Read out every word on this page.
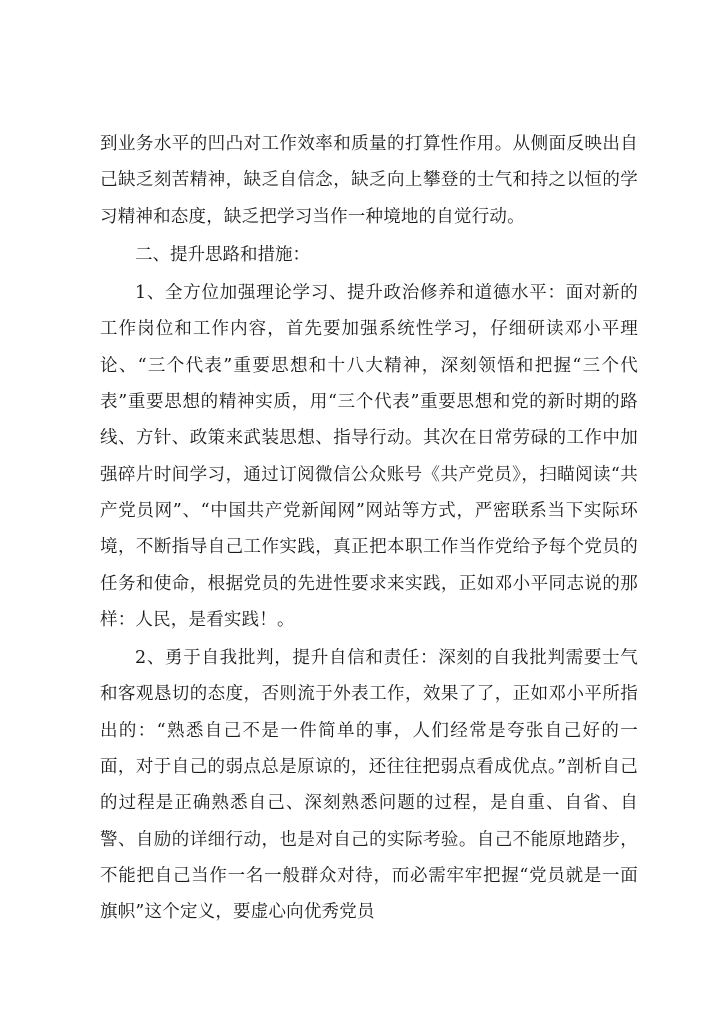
到业务水平的凹凸对工作效率和质量的打算性作用。从侧面反映出自己缺乏刻苦精神，缺乏自信念，缺乏向上攀登的士气和持之以恒的学习精神和态度，缺乏把学习当作一种境地的自觉行动。

二、提升思路和措施：

1、全方位加强理论学习、提升政治修养和道德水平：面对新的工作岗位和工作内容，首先要加强系统性学习，仔细研读邓小平理论、“三个代表”重要思想和十八大精神，深刻领悟和把握“三个代表”重要思想的精神实质，用“三个代表”重要思想和党的新时期的路线、方针、政策来武装思想、指导行动。其次在日常劳碌的工作中加强碎片时间学习，通过订阅微信公众账号《共产党员》，扫瞄阅读“共产党员网”、“中国共产党新闻网”网站等方式，严密联系当下实际环境，不断指导自己工作实践，真正把本职工作当作党给予每个党员的任务和使命，根据党员的先进性要求来实践，正如邓小平同志说的那样：人民，是看实践！。

2、勇于自我批判，提升自信和责任：深刻的自我批判需要士气和客观恳切的态度，否则流于外表工作，效果了了，正如邓小平所指出的：“熟悉自己不是一件简单的事，人们经常是夸张自己好的一面，对于自己的弱点总是原谅的，还往往把弱点看成优点。”剖析自己的过程是正确熟悉自己、深刻熟悉问题的过程，是自重、自省、自警、自励的详细行动，也是对自己的实际考验。自己不能原地踏步，不能把自己当作一名一般群众对待，而必需牢牢把握“党员就是一面旗帜”这个定义，要虚心向优秀党员
